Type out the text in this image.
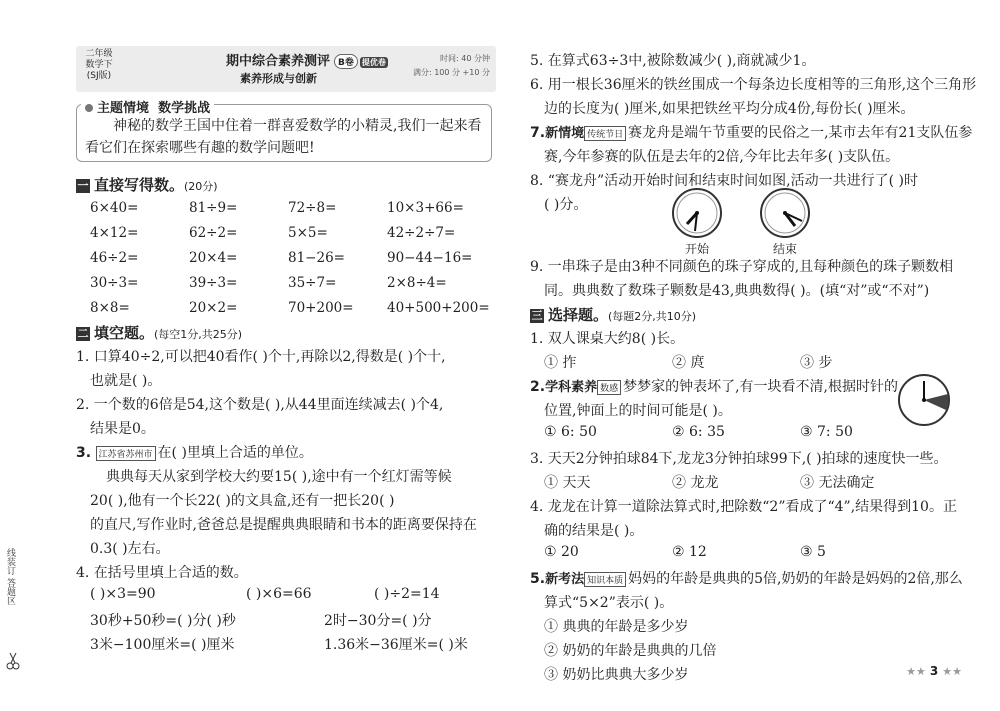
二年级
数学下
(SJ版)
期中综合素养测评 B卷 提优卷
素养形成与创新
时间: 40 分钟
满分: 100 分 +10 分
主题情境 数学挑战
神秘的数学王国中住着一群喜爱数学的小精灵,我们一起来看看它们在探索哪些有趣的数学问题吧!
一 直接写得数。(20分)
6×40=	81÷9=	72÷8=	10×3+66=
4×12=	62÷2=	5×5=	42÷2÷7=
46÷2=	20×4=	81−26=	90−44−16=
30÷3=	39÷3=	35÷7=	2×8÷4=
8×8=	20×2=	70+200=	40+500+200=
二 填空题。(每空1分,共25分)
1. 口算40÷2,可以把40看作( )个十,再除以2,得数是( )个十,
也就是( )。
2. 一个数的6倍是54,这个数是( ),从44里面连续减去( )个4,
结果是0。
3. 江苏省苏州市 在( )里填上合适的单位。
典典每天从家到学校大约要15( ),途中有一个红灯需等候
20( ),他有一个长22( )的文具盒,还有一把长20( )
的直尺,写作业时,爸爸总是提醒典典眼睛和书本的距离要保持在
0.3( )左右。
4. 在括号里填上合适的数。
( )×3=90	( )×6=66	( )÷2=14
30秒+50秒=( )分( )秒	2时−30分=( )分
3米−100厘米=( )厘米	1.36米−36厘米=( )米
线装订 答题区
5. 在算式63÷3中,被除数减少( ),商就减少1。
6. 用一根长36厘米的铁丝围成一个每条边长度相等的三角形,这个三角形
边的长度为( )厘米,如果把铁丝平均分成4份,每份长( )厘米。
7.新情境 传统节日 赛龙舟是端午节重要的民俗之一,某市去年有21支队伍参
赛,今年参赛的队伍是去年的2倍,今年比去年多( )支队伍。
8. “赛龙舟”活动开始时间和结束时间如图,活动一共进行了( )时
( )分。
开始	结束
9. 一串珠子是由3种不同颜色的珠子穿成的,且每种颜色的珠子颗数相
同。典典数了数珠子颗数是43,典典数得( )。(填“对”或“不对”)
三 选择题。(每题2分,共10分)
1. 双人课桌大约8( )长。
① 拃	② 庹	③ 步
2.学科素养 数感 梦梦家的钟表坏了,有一块看不清,根据时针的
位置,钟面上的时间可能是( )。
① 6: 50	② 6: 35	③ 7: 50
3. 天天2分钟拍球84下,龙龙3分钟拍球99下,( )拍球的速度快一些。
① 天天	② 龙龙	③ 无法确定
4. 龙龙在计算一道除法算式时,把除数“2”看成了“4”,结果得到10。正
确的结果是( )。
① 20	② 12	③ 5
5.新考法 知识本质 妈妈的年龄是典典的5倍,奶奶的年龄是妈妈的2倍,那么
算式“5×2”表示( )。
① 典典的年龄是多少岁
② 奶奶的年龄是典典的几倍
③ 奶奶比典典大多少岁	★★ 3 ★★
